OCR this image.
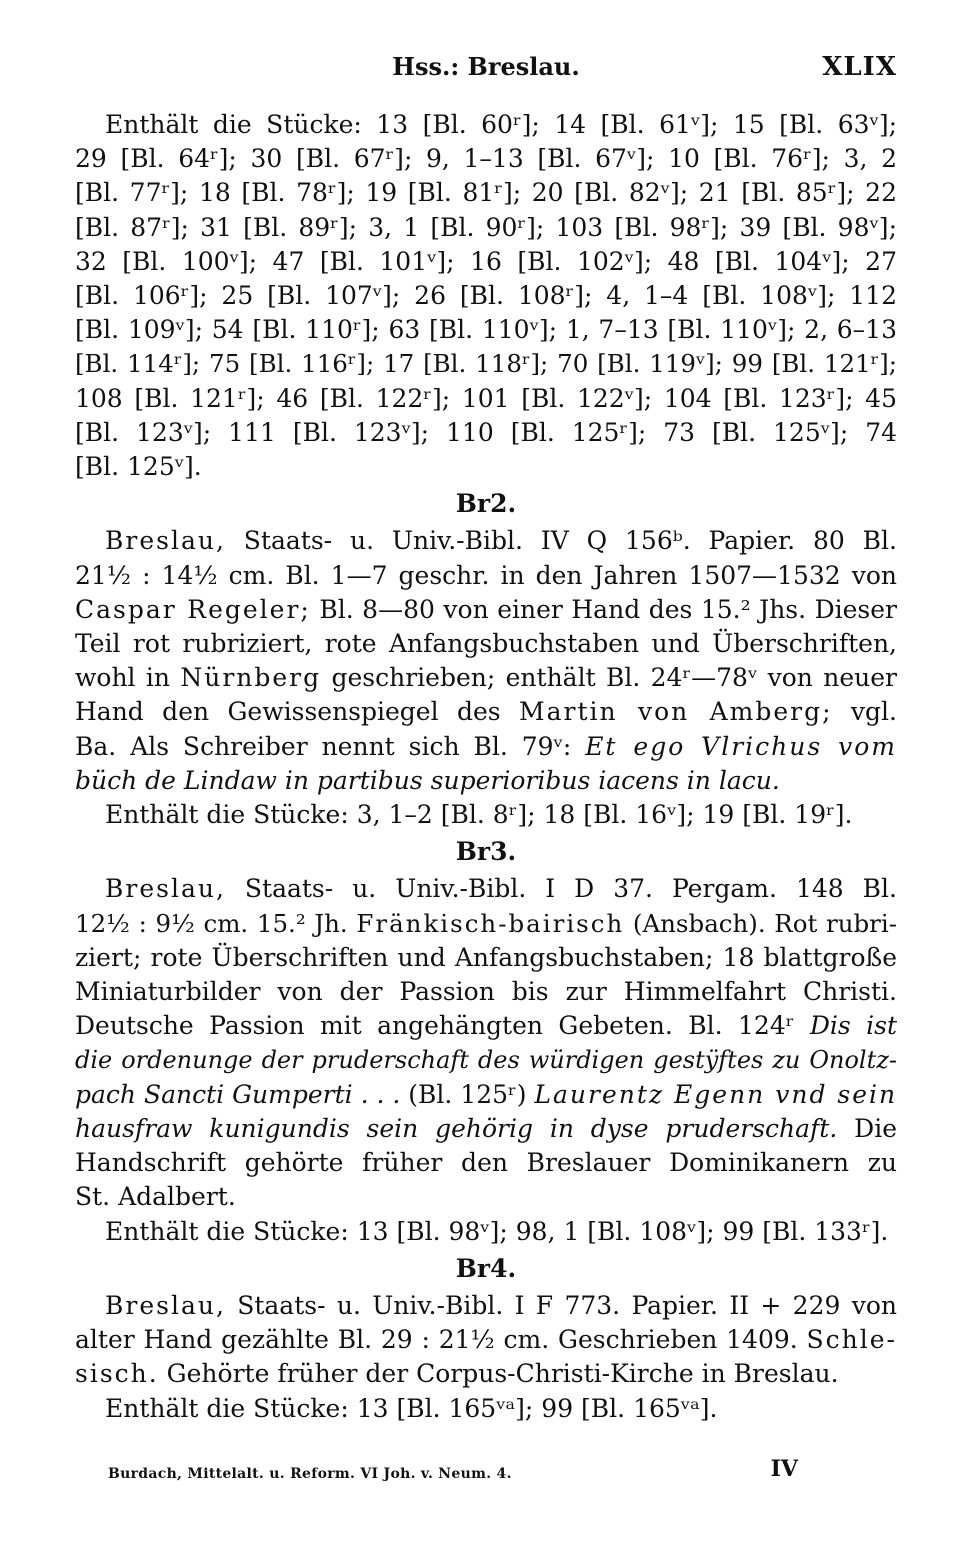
Hss.: Breslau.	XLIX
Enthält die Stücke: 13 [Bl. 60ʳ]; 14 [Bl. 61ᵛ]; 15 [Bl. 63ᵛ];
29 [Bl. 64ʳ]; 30 [Bl. 67ʳ]; 9, 1–13 [Bl. 67ᵛ]; 10 [Bl. 76ʳ]; 3, 2
[Bl. 77ʳ]; 18 [Bl. 78ʳ]; 19 [Bl. 81ʳ]; 20 [Bl. 82ᵛ]; 21 [Bl. 85ʳ]; 22
[Bl. 87ʳ]; 31 [Bl. 89ʳ]; 3, 1 [Bl. 90ʳ]; 103 [Bl. 98ʳ]; 39 [Bl. 98ᵛ];
32 [Bl. 100ᵛ]; 47 [Bl. 101ᵛ]; 16 [Bl. 102ᵛ]; 48 [Bl. 104ᵛ]; 27
[Bl. 106ʳ]; 25 [Bl. 107ᵛ]; 26 [Bl. 108ʳ]; 4, 1–4 [Bl. 108ᵛ]; 112
[Bl. 109ᵛ]; 54 [Bl. 110ʳ]; 63 [Bl. 110ᵛ]; 1, 7–13 [Bl. 110ᵛ]; 2, 6–13
[Bl. 114ʳ]; 75 [Bl. 116ʳ]; 17 [Bl. 118ʳ]; 70 [Bl. 119ᵛ]; 99 [Bl. 121ʳ];
108 [Bl. 121ʳ]; 46 [Bl. 122ʳ]; 101 [Bl. 122ᵛ]; 104 [Bl. 123ʳ]; 45
[Bl. 123ᵛ]; 111 [Bl. 123ᵛ]; 110 [Bl. 125ʳ]; 73 [Bl. 125ᵛ]; 74
[Bl. 125ᵛ].
Br2.
Breslau, Staats- u. Univ.-Bibl. IV Q 156ᵇ. Papier. 80 Bl.
21½ : 14½ cm. Bl. 1—7 geschr. in den Jahren 1507—1532 von
Caspar Regeler; Bl. 8—80 von einer Hand des 15.² Jhs. Dieser
Teil rot rubriziert, rote Anfangsbuchstaben und Überschriften,
wohl in Nürnberg geschrieben; enthält Bl. 24ʳ—78ᵛ von neuer
Hand den Gewissenspiegel des Martin von Amberg; vgl.
Ba. Als Schreiber nennt sich Bl. 79ᵛ: Et ego Vlrichus vom
büch de Lindaw in partibus superioribus iacens in lacu.
Enthält die Stücke: 3, 1–2 [Bl. 8ʳ]; 18 [Bl. 16ᵛ]; 19 [Bl. 19ʳ].
Br3.
Breslau, Staats- u. Univ.-Bibl. I D 37. Pergam. 148 Bl.
12½ : 9½ cm. 15.² Jh. Fränkisch-bairisch (Ansbach). Rot rubri-
ziert; rote Überschriften und Anfangsbuchstaben; 18 blattgroße
Miniaturbilder von der Passion bis zur Himmelfahrt Christi.
Deutsche Passion mit angehängten Gebeten. Bl. 124ʳ Dis ist
die ordenunge der pruderschaft des würdigen gestÿftes zu Onoltz-
pach Sancti Gumperti . . . (Bl. 125ʳ) Laurentz Egenn vnd sein
hausfraw kunigundis sein gehörig in dyse pruderschaft. Die
Handschrift gehörte früher den Breslauer Dominikanern zu
St. Adalbert.
Enthält die Stücke: 13 [Bl. 98ᵛ]; 98, 1 [Bl. 108ᵛ]; 99 [Bl. 133ʳ].
Br4.
Breslau, Staats- u. Univ.-Bibl. I F 773. Papier. II + 229 von
alter Hand gezählte Bl. 29 : 21½ cm. Geschrieben 1409. Schle-
sisch. Gehörte früher der Corpus-Christi-Kirche in Breslau.
Enthält die Stücke: 13 [Bl. 165ᵛᵃ]; 99 [Bl. 165ᵛᵃ].
Burdach, Mittelalt. u. Reform. VI Joh. v. Neum. 4.	IV
